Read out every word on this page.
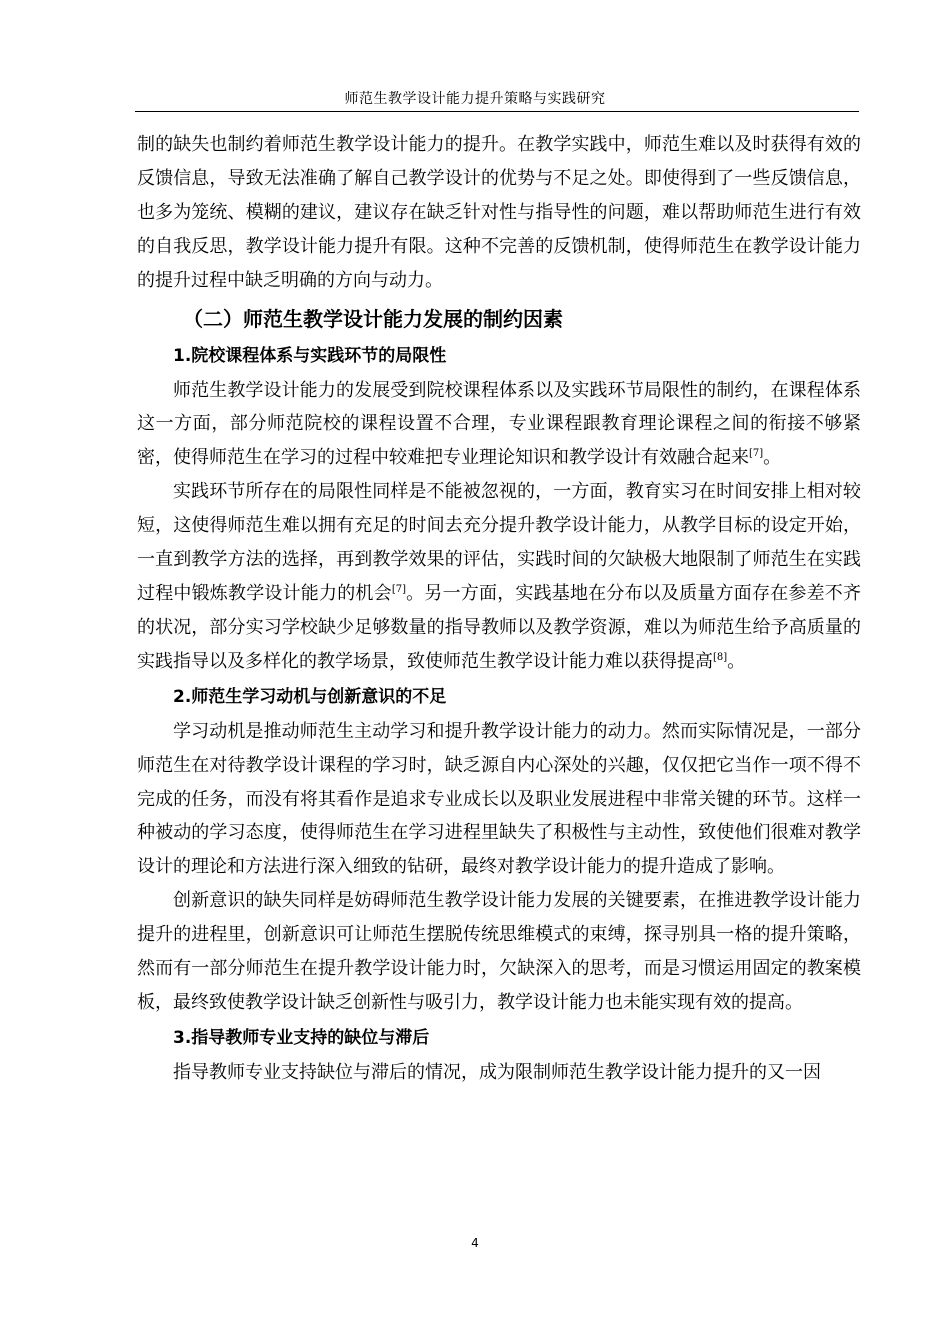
师范生教学设计能力提升策略与实践研究

制的缺失也制约着师范生教学设计能力的提升。在教学实践中，师范生难以及时获得有效的反馈信息，导致无法准确了解自己教学设计的优势与不足之处。即使得到了一些反馈信息，也多为笼统、模糊的建议，建议存在缺乏针对性与指导性的问题，难以帮助师范生进行有效的自我反思，教学设计能力提升有限。这种不完善的反馈机制，使得师范生在教学设计能力的提升过程中缺乏明确的方向与动力。

（二）师范生教学设计能力发展的制约因素
1.院校课程体系与实践环节的局限性

师范生教学设计能力的发展受到院校课程体系以及实践环节局限性的制约，在课程体系这一方面，部分师范院校的课程设置不合理，专业课程跟教育理论课程之间的衔接不够紧密，使得师范生在学习的过程中较难把专业理论知识和教学设计有效融合起来[7]。

实践环节所存在的局限性同样是不能被忽视的，一方面，教育实习在时间安排上相对较短，这使得师范生难以拥有充足的时间去充分提升教学设计能力，从教学目标的设定开始，一直到教学方法的选择，再到教学效果的评估，实践时间的欠缺极大地限制了师范生在实践过程中锻炼教学设计能力的机会[7]。另一方面，实践基地在分布以及质量方面存在参差不齐的状况，部分实习学校缺少足够数量的指导教师以及教学资源，难以为师范生给予高质量的实践指导以及多样化的教学场景，致使师范生教学设计能力难以获得提高[8]。

2.师范生学习动机与创新意识的不足

学习动机是推动师范生主动学习和提升教学设计能力的动力。然而实际情况是，一部分师范生在对待教学设计课程的学习时，缺乏源自内心深处的兴趣，仅仅把它当作一项不得不完成的任务，而没有将其看作是追求专业成长以及职业发展进程中非常关键的环节。这样一种被动的学习态度，使得师范生在学习进程里缺失了积极性与主动性，致使他们很难对教学设计的理论和方法进行深入细致的钻研，最终对教学设计能力的提升造成了影响。

创新意识的缺失同样是妨碍师范生教学设计能力发展的关键要素，在推进教学设计能力提升的进程里，创新意识可让师范生摆脱传统思维模式的束缚，探寻别具一格的提升策略，然而有一部分师范生在提升教学设计能力时，欠缺深入的思考，而是习惯运用固定的教案模板，最终致使教学设计缺乏创新性与吸引力，教学设计能力也未能实现有效的提高。

3.指导教师专业支持的缺位与滞后

指导教师专业支持缺位与滞后的情况，成为限制师范生教学设计能力提升的又一因

4
